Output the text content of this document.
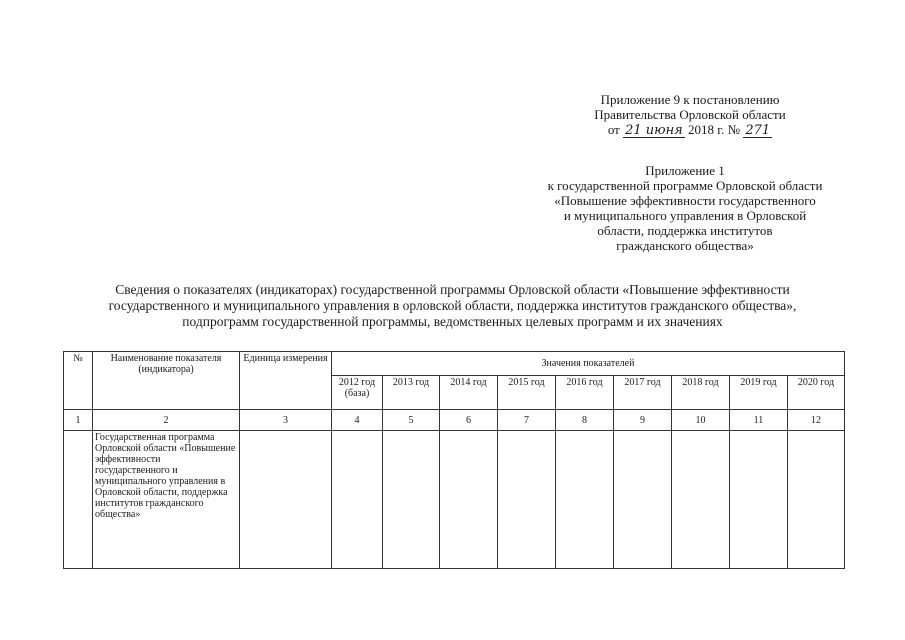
Приложение 9 к постановлению
Правительства Орловской области
от 21 июня 2018 г. № 271
Приложение 1
к государственной программе Орловской области
«Повышение эффективности государственного
и муниципального управления в Орловской
области, поддержка институтов
гражданского общества»
Сведения о показателях (индикаторах) государственной программы Орловской области «Повышение эффективности
государственного и муниципального управления в орловской области, поддержка институтов гражданского общества»,
подпрограмм государственной программы, ведомственных целевых программ и их значениях
№	Наименование показателя (индикатора)	Единица измерения	Значения показателей								
			2012 год (база)	2013 год	2014 год	2015 год	2016 год	2017 год	2018 год	2019 год	2020 год
1	2	3	4	5	6	7	8	9	10	11	12
	Государственная программа Орловской области «Повышение эффективности государственного и муниципального управления в Орловской области, поддержка институтов гражданского общества»										
